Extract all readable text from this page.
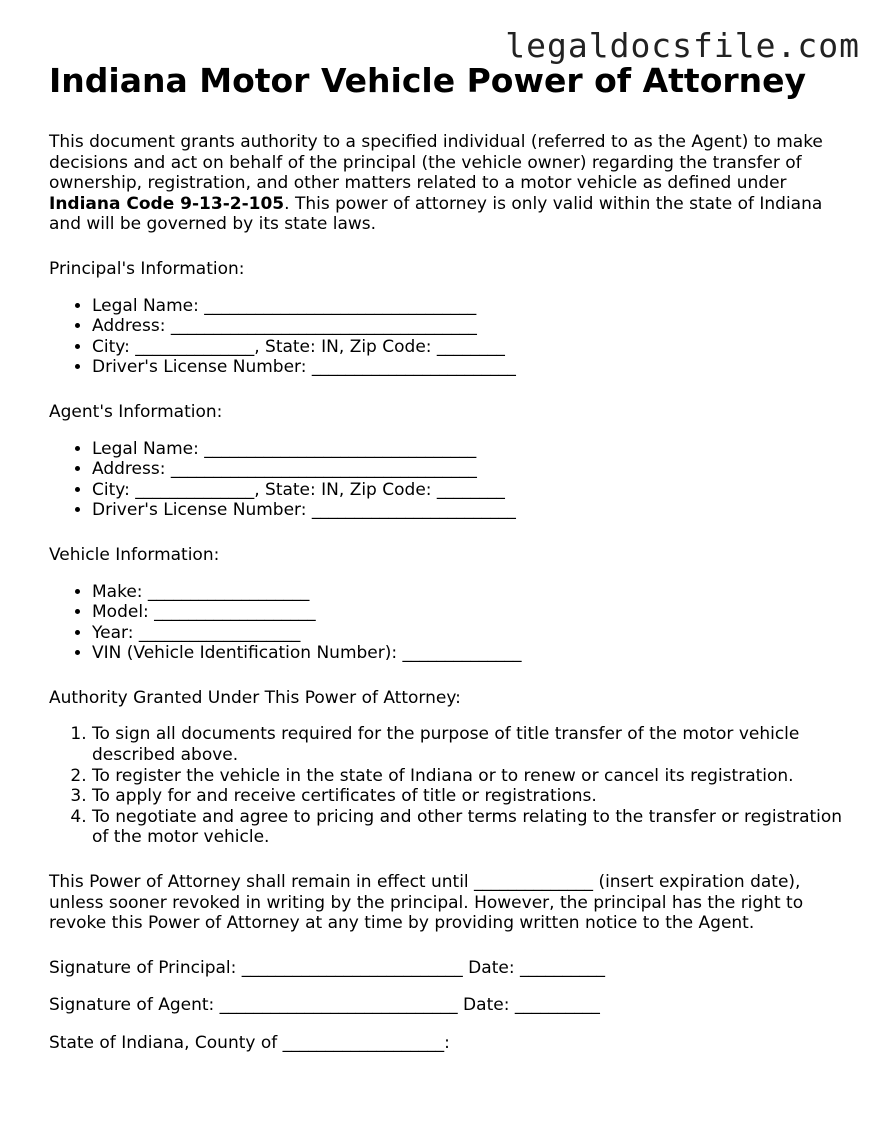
legaldocsfile.com
Indiana Motor Vehicle Power of Attorney

This document grants authority to a specified individual (referred to as the Agent) to make decisions and act on behalf of the principal (the vehicle owner) regarding the transfer of ownership, registration, and other matters related to a motor vehicle as defined under Indiana Code 9-13-2-105. This power of attorney is only valid within the state of Indiana and will be governed by its state laws.

Principal's Information:

• Legal Name: ________________________________
• Address: ____________________________________
• City: ______________, State: IN, Zip Code: ________
• Driver's License Number: ________________________

Agent's Information:

• Legal Name: ________________________________
• Address: ____________________________________
• City: ______________, State: IN, Zip Code: ________
• Driver's License Number: ________________________

Vehicle Information:

• Make: ___________________
• Model: ___________________
• Year: ___________________
• VIN (Vehicle Identification Number): ______________

Authority Granted Under This Power of Attorney:

1. To sign all documents required for the purpose of title transfer of the motor vehicle described above.
2. To register the vehicle in the state of Indiana or to renew or cancel its registration.
3. To apply for and receive certificates of title or registrations.
4. To negotiate and agree to pricing and other terms relating to the transfer or registration of the motor vehicle.

This Power of Attorney shall remain in effect until ______________ (insert expiration date), unless sooner revoked in writing by the principal. However, the principal has the right to revoke this Power of Attorney at any time by providing written notice to the Agent.

Signature of Principal: __________________________ Date: __________

Signature of Agent: ____________________________ Date: __________

State of Indiana, County of ___________________:
